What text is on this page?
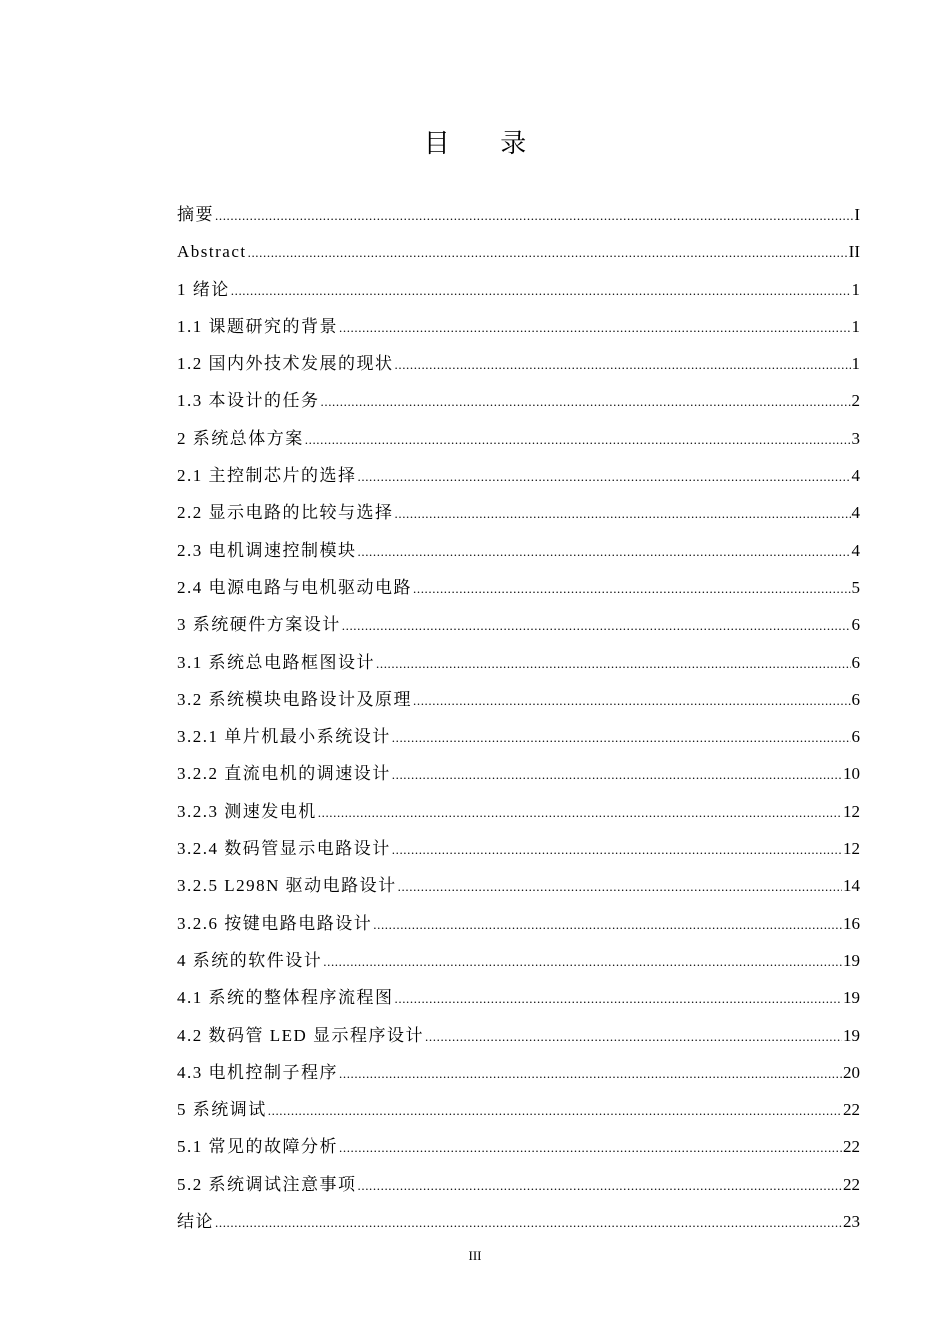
目 录
摘要 .....	I
Abstract .....	II
1 绪论 .....	1
1.1 课题研究的背景 .....	1
1.2 国内外技术发展的现状 .....	1
1.3 本设计的任务 .....	2
2 系统总体方案 .....	3
2.1 主控制芯片的选择 .....	4
2.2 显示电路的比较与选择 .....	4
2.3 电机调速控制模块 .....	4
2.4 电源电路与电机驱动电路 .....	5
3 系统硬件方案设计 .....	6
3.1 系统总电路框图设计 .....	6
3.2 系统模块电路设计及原理 .....	6
3.2.1 单片机最小系统设计 .....	6
3.2.2 直流电机的调速设计 .....	10
3.2.3 测速发电机 .....	12
3.2.4 数码管显示电路设计 .....	12
3.2.5 L298N 驱动电路设计 .....	14
3.2.6 按键电路电路设计 .....	16
4 系统的软件设计 .....	19
4.1 系统的整体程序流程图 .....	19
4.2 数码管 LED 显示程序设计 .....	19
4.3 电机控制子程序 .....	20
5 系统调试 .....	22
5.1 常见的故障分析 .....	22
5.2 系统调试注意事项 .....	22
结论 .....	23
III
